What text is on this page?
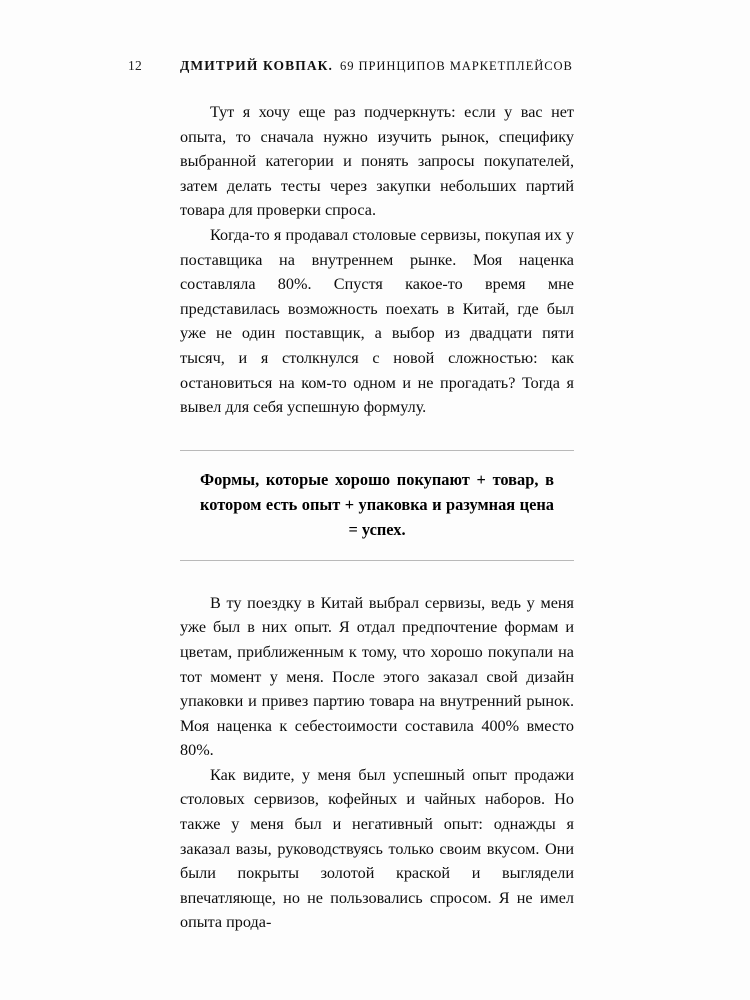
12	ДМИТРИЙ КОВПАК. 69 ПРИНЦИПОВ МАРКЕТПЛЕЙСОВ

Тут я хочу еще раз подчеркнуть: если у вас нет опыта, то сначала нужно изучить рынок, специфику выбранной категории и понять запросы покупателей, затем делать тесты через закупки небольших партий товара для проверки спроса.

Когда-то я продавал столовые сервизы, покупая их у поставщика на внутреннем рынке. Моя наценка составляла 80%. Спустя какое-то время мне представилась возможность поехать в Китай, где был уже не один поставщик, а выбор из двадцати пяти тысяч, и я столкнулся с новой сложностью: как остановиться на ком-то одном и не прогадать? Тогда я вывел для себя успешную формулу.

Формы, которые хорошо покупают + товар, в котором есть опыт + упаковка и разумная цена = успех.

В ту поездку в Китай выбрал сервизы, ведь у меня уже был в них опыт. Я отдал предпочтение формам и цветам, приближенным к тому, что хорошо покупали на тот момент у меня. После этого заказал свой дизайн упаковки и привез партию товара на внутренний рынок. Моя наценка к себестоимости составила 400% вместо 80%.

Как видите, у меня был успешный опыт продажи столовых сервизов, кофейных и чайных наборов. Но также у меня был и негативный опыт: однажды я заказал вазы, руководствуясь только своим вкусом. Они были покрыты золотой краской и выглядели впечатляюще, но не пользовались спросом. Я не имел опыта прода-
